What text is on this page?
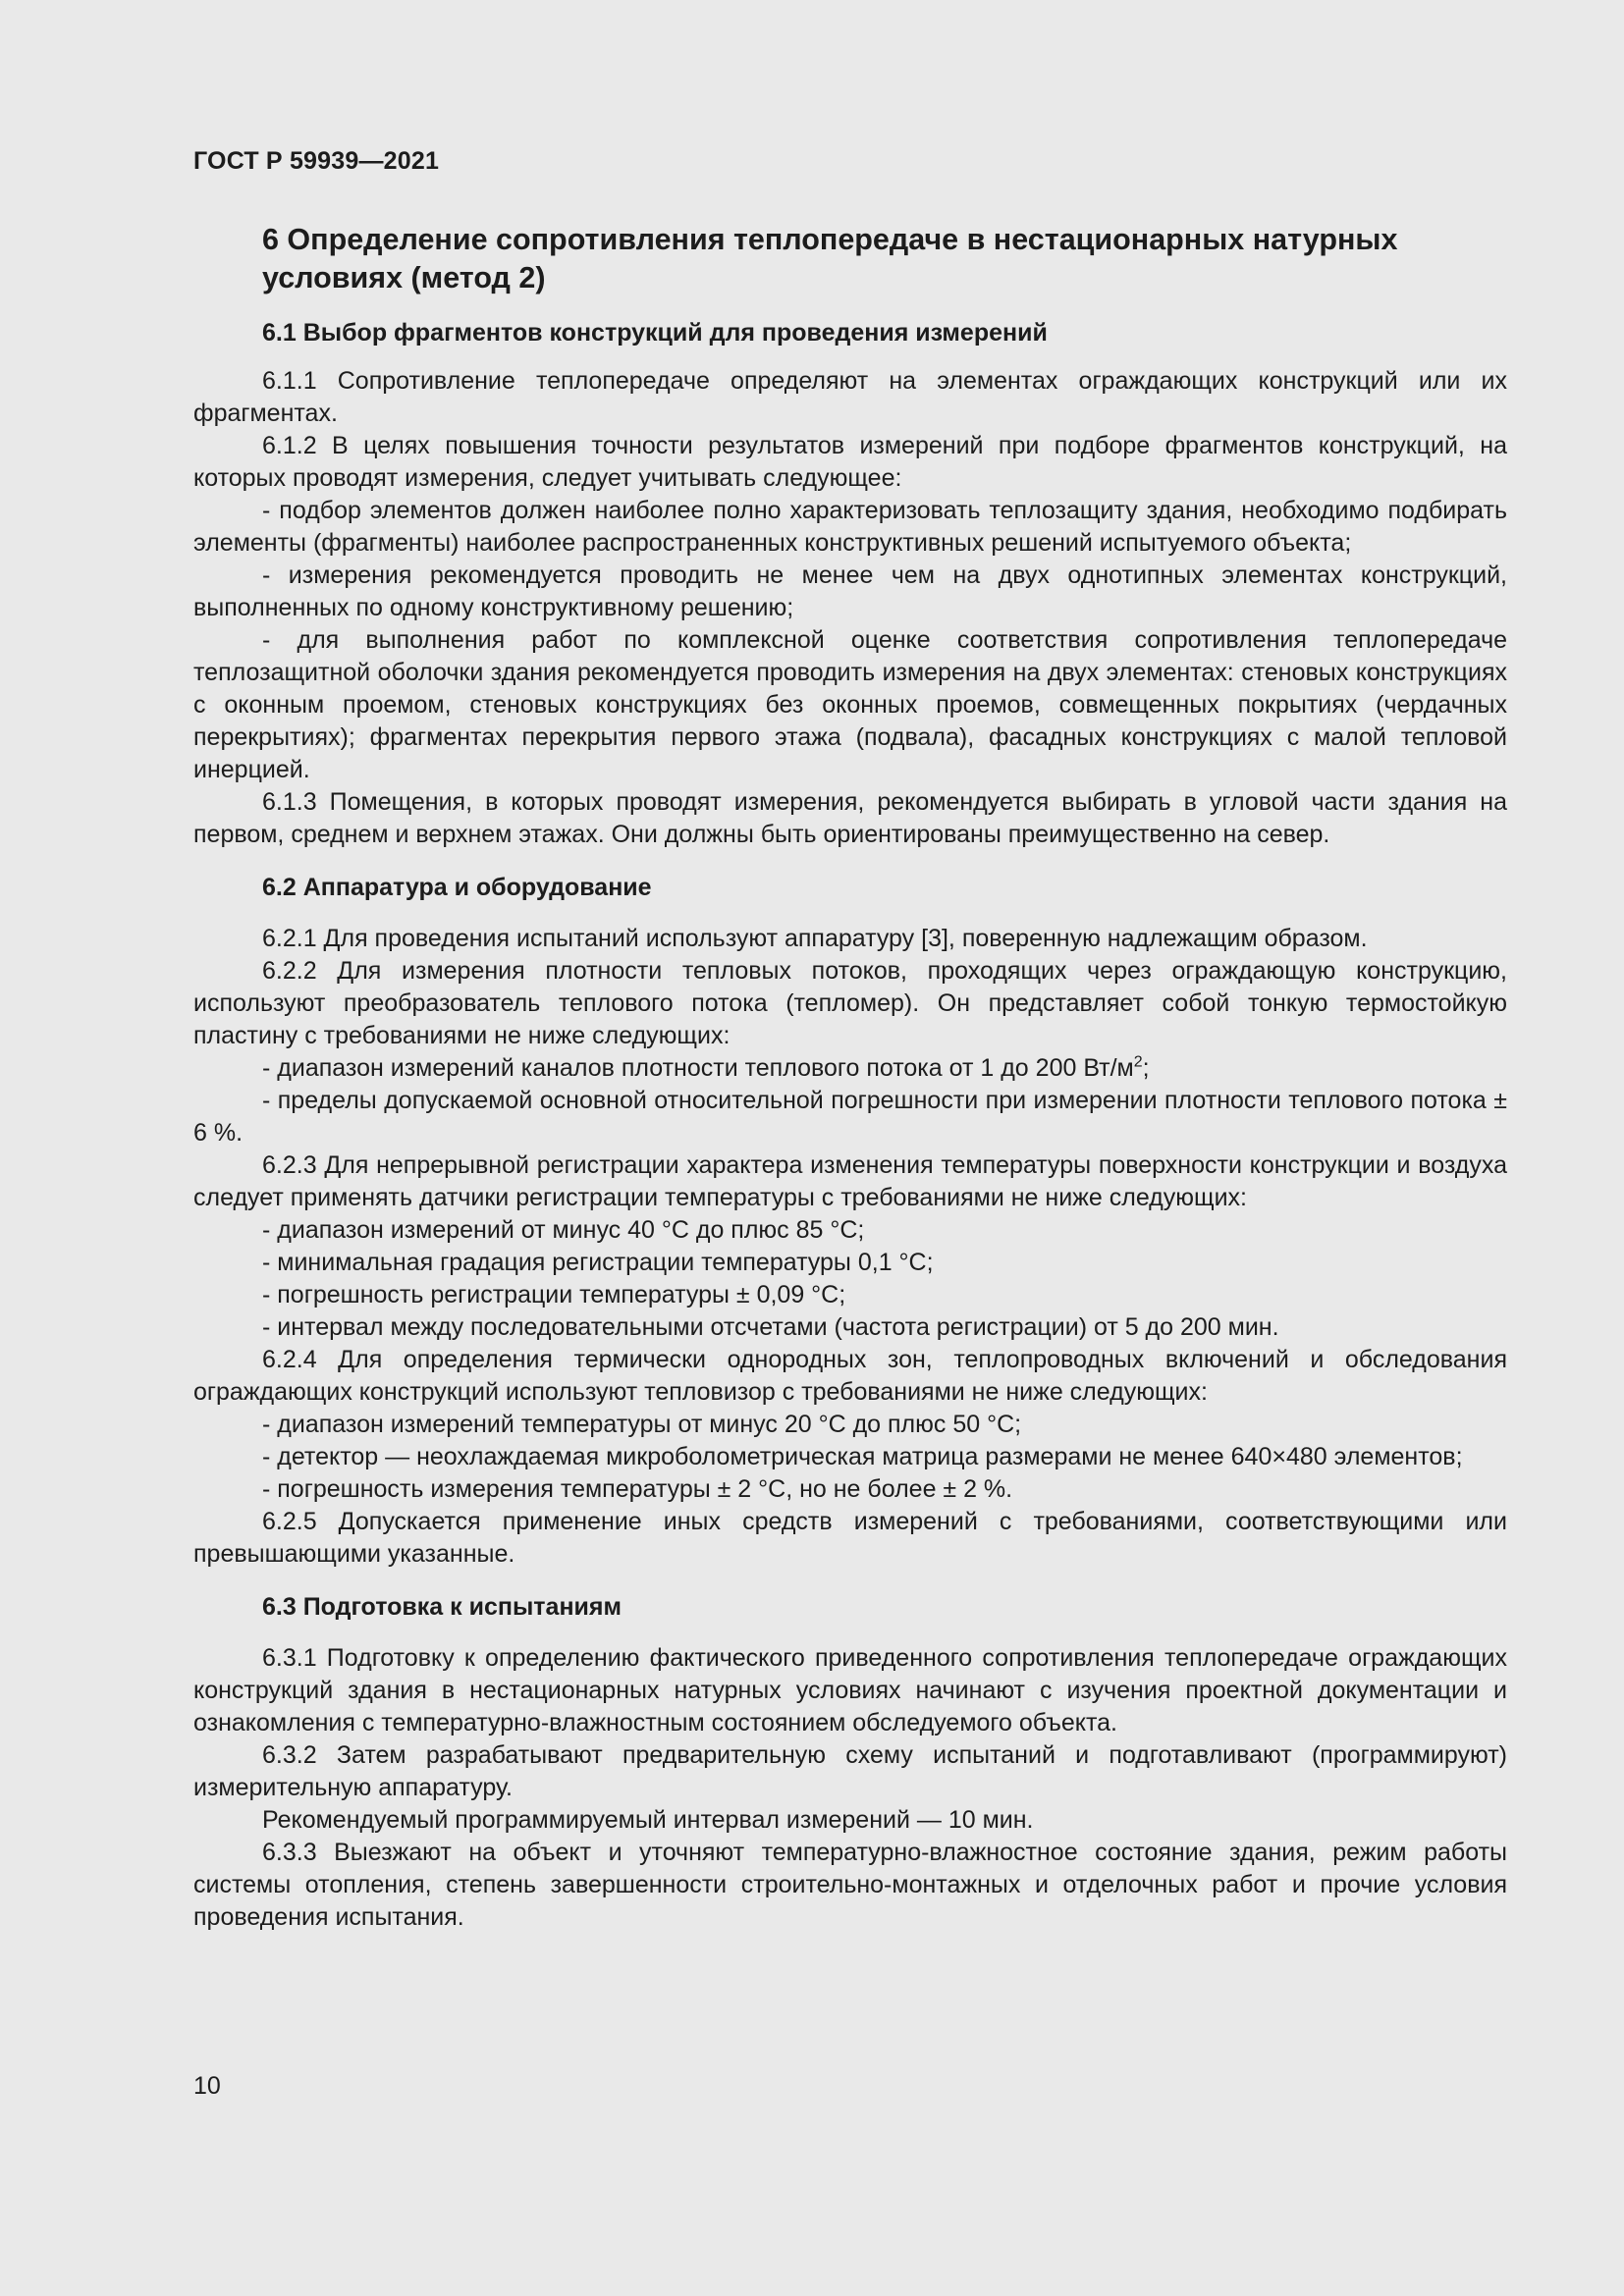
ГОСТ Р 59939—2021
6 Определение сопротивления теплопередаче в нестационарных натурных условиях (метод 2)
6.1 Выбор фрагментов конструкций для проведения измерений

6.1.1 Сопротивление теплопередаче определяют на элементах ограждающих конструкций или их фрагментах.

6.1.2 В целях повышения точности результатов измерений при подборе фрагментов конструкций, на которых проводят измерения, следует учитывать следующее:

- подбор элементов должен наиболее полно характеризовать теплозащиту здания, необходимо подбирать элементы (фрагменты) наиболее распространенных конструктивных решений испытуемого объекта;

- измерения рекомендуется проводить не менее чем на двух однотипных элементах конструкций, выполненных по одному конструктивному решению;

- для выполнения работ по комплексной оценке соответствия сопротивления теплопередаче теплозащитной оболочки здания рекомендуется проводить измерения на двух элементах: стеновых конструкциях с оконным проемом, стеновых конструкциях без оконных проемов, совмещенных покрытиях (чердачных перекрытиях); фрагментах перекрытия первого этажа (подвала), фасадных конструкциях с малой тепловой инерцией.

6.1.3 Помещения, в которых проводят измерения, рекомендуется выбирать в угловой части здания на первом, среднем и верхнем этажах. Они должны быть ориентированы преимущественно на север.

6.2 Аппаратура и оборудование

6.2.1 Для проведения испытаний используют аппаратуру [3], поверенную надлежащим образом.

6.2.2 Для измерения плотности тепловых потоков, проходящих через ограждающую конструкцию, используют преобразователь теплового потока (тепломер). Он представляет собой тонкую термостойкую пластину с требованиями не ниже следующих:

- диапазон измерений каналов плотности теплового потока от 1 до 200 $Вт/м^2$;

- пределы допускаемой основной относительной погрешности при измерении плотности теплового потока ± 6 %.

6.2.3 Для непрерывной регистрации характера изменения температуры поверхности конструкции и воздуха следует применять датчики регистрации температуры с требованиями не ниже следующих:

- диапазон измерений от минус 40 °С до плюс 85 °С;

- минимальная градация регистрации температуры 0,1 °С;

- погрешность регистрации температуры ± 0,09 °С;

- интервал между последовательными отсчетами (частота регистрации) от 5 до 200 мин.

6.2.4 Для определения термически однородных зон, теплопроводных включений и обследования ограждающих конструкций используют тепловизор с требованиями не ниже следующих:

- диапазон измерений температуры от минус 20 °С до плюс 50 °С;

- детектор — неохлаждаемая микроболометрическая матрица размерами не менее 640×480 элементов;

- погрешность измерения температуры ± 2 °С, но не более ± 2 %.

6.2.5 Допускается применение иных средств измерений с требованиями, соответствующими или превышающими указанные.

6.3 Подготовка к испытаниям

6.3.1 Подготовку к определению фактического приведенного сопротивления теплопередаче ограждающих конструкций здания в нестационарных натурных условиях начинают с изучения проектной документации и ознакомления с температурно-влажностным состоянием обследуемого объекта.

6.3.2 Затем разрабатывают предварительную схему испытаний и подготавливают (программируют) измерительную аппаратуру.

Рекомендуемый программируемый интервал измерений — 10 мин.

6.3.3 Выезжают на объект и уточняют температурно-влажностное состояние здания, режим работы системы отопления, степень завершенности строительно-монтажных и отделочных работ и прочие условия проведения испытания.

10
